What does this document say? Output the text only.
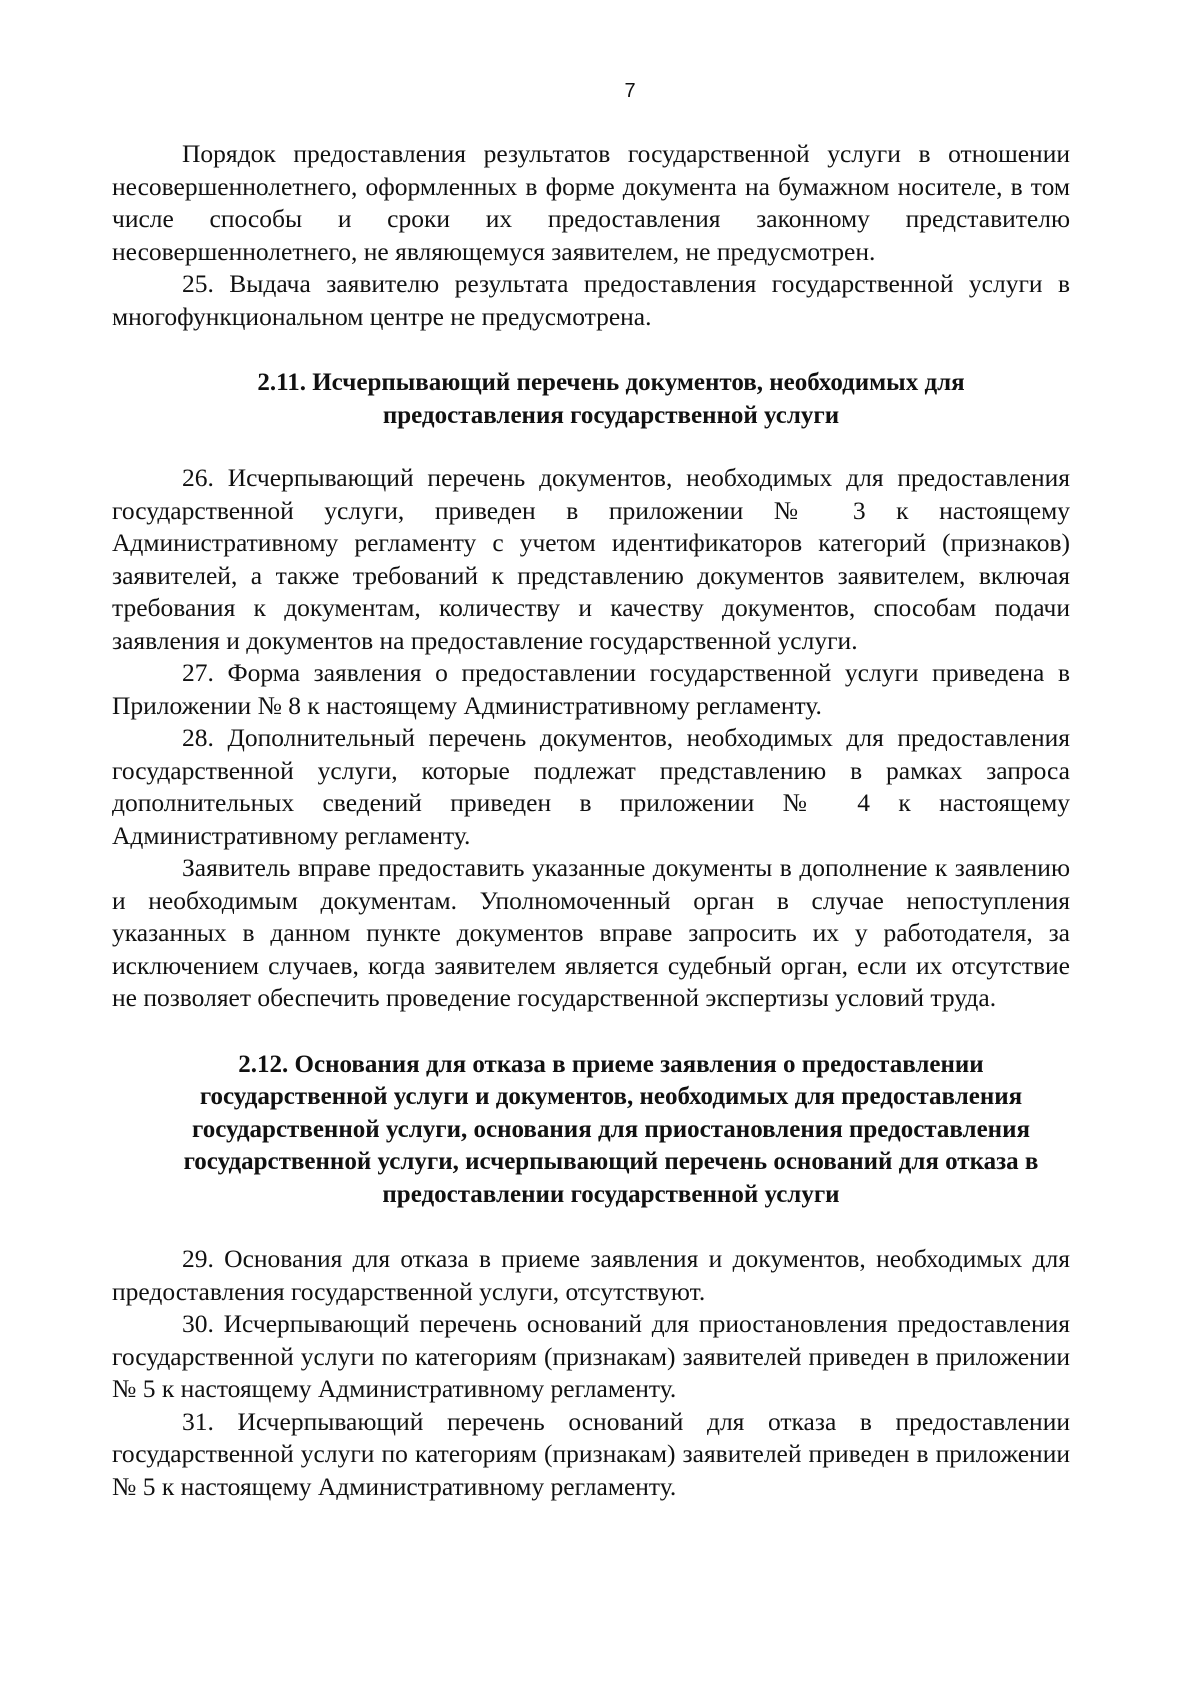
7

Порядок предоставления результатов государственной услуги в отношении несовершеннолетнего, оформленных в форме документа на бумажном носителе, в том числе способы и сроки их предоставления законному представителю несовершеннолетнего, не являющемуся заявителем, не предусмотрен.

25. Выдача заявителю результата предоставления государственной услуги в многофункциональном центре не предусмотрена.

2.11. Исчерпывающий перечень документов, необходимых для
предоставления государственной услуги

26. Исчерпывающий перечень документов, необходимых для предоставления государственной услуги, приведен в приложении № 3 к настоящему Административному регламенту с учетом идентификаторов категорий (признаков) заявителей, а также требований к представлению документов заявителем, включая требования к документам, количеству и качеству документов, способам подачи заявления и документов на предоставление государственной услуги.

27. Форма заявления о предоставлении государственной услуги приведена в Приложении № 8 к настоящему Административному регламенту.

28. Дополнительный перечень документов, необходимых для предоставления государственной услуги, которые подлежат представлению в рамках запроса дополнительных сведений приведен в приложении № 4 к настоящему Административному регламенту.

Заявитель вправе предоставить указанные документы в дополнение к заявлению и необходимым документам. Уполномоченный орган в случае непоступления указанных в данном пункте документов вправе запросить их у работодателя, за исключением случаев, когда заявителем является судебный орган, если их отсутствие не позволяет обеспечить проведение государственной экспертизы условий труда.

2.12. Основания для отказа в приеме заявления о предоставлении
государственной услуги и документов, необходимых для предоставления
государственной услуги, основания для приостановления предоставления
государственной услуги, исчерпывающий перечень оснований для отказа в
предоставлении государственной услуги

29. Основания для отказа в приеме заявления и документов, необходимых для предоставления государственной услуги, отсутствуют.

30. Исчерпывающий перечень оснований для приостановления предоставления государственной услуги по категориям (признакам) заявителей приведен в приложении № 5 к настоящему Административному регламенту.

31. Исчерпывающий перечень оснований для отказа в предоставлении государственной услуги по категориям (признакам) заявителей приведен в приложении № 5 к настоящему Административному регламенту.
